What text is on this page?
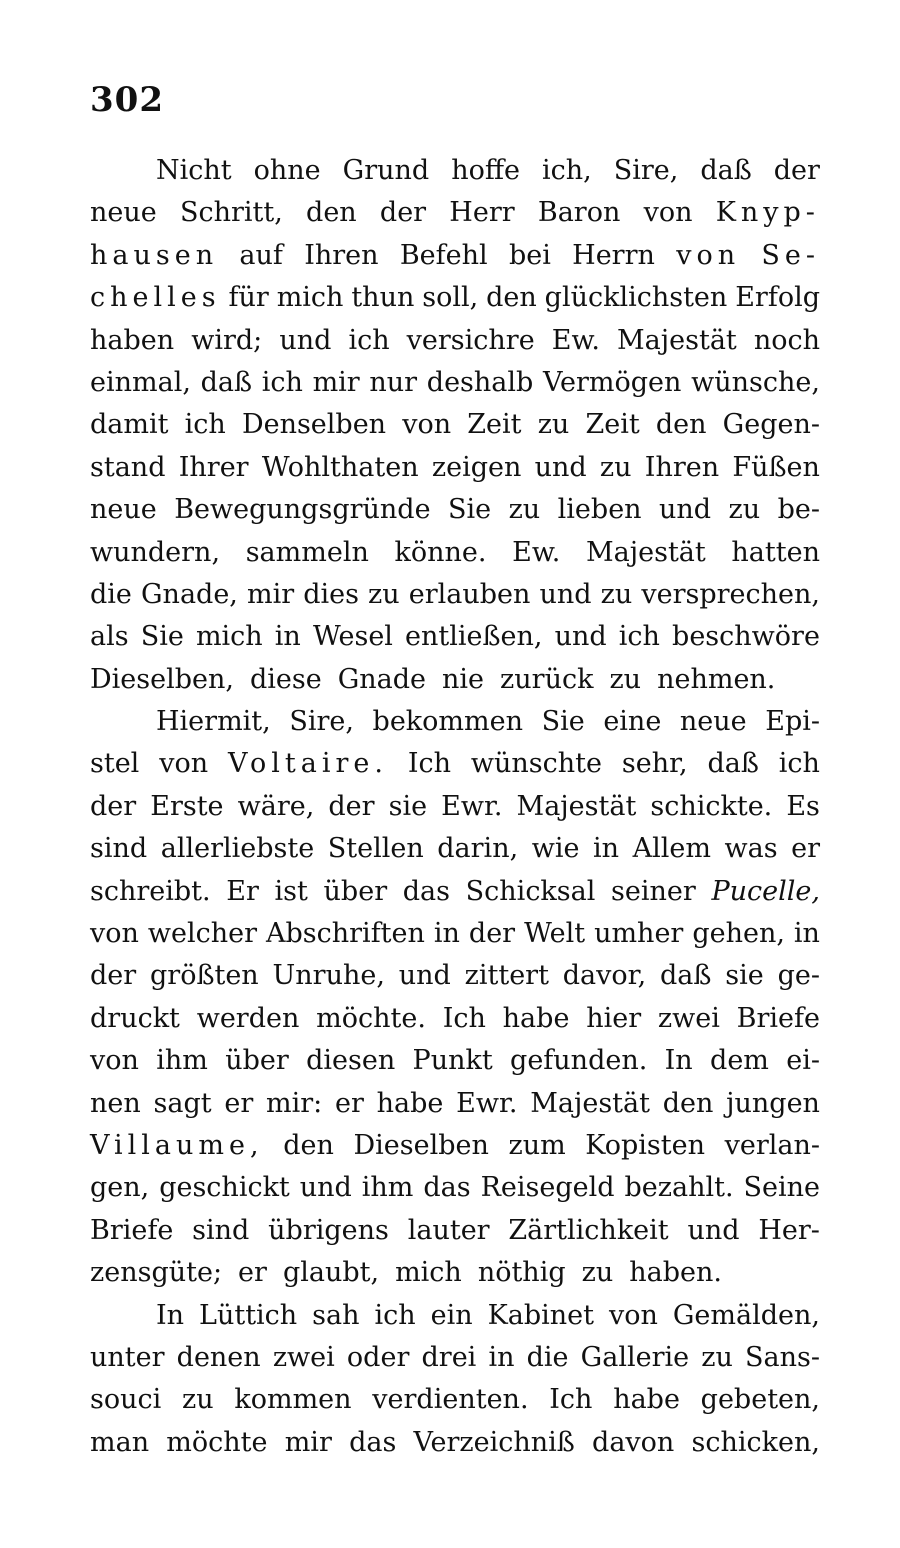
302
Nicht ohne Grund hoffe ich, Sire, daß der
neue Schritt, den der Herr Baron von Knyp-
hausen auf Ihren Befehl bei Herrn von Se-
chelles für mich thun soll, den glücklichsten Erfolg
haben wird; und ich versichre Ew. Majestät noch
einmal, daß ich mir nur deshalb Vermögen wünsche,
damit ich Denselben von Zeit zu Zeit den Gegen-
stand Ihrer Wohlthaten zeigen und zu Ihren Füßen
neue Bewegungsgründe Sie zu lieben und zu be-
wundern, sammeln könne. Ew. Majestät hatten
die Gnade, mir dies zu erlauben und zu versprechen,
als Sie mich in Wesel entließen, und ich beschwöre
Dieselben, diese Gnade nie zurück zu nehmen.
Hiermit, Sire, bekommen Sie eine neue Epi-
stel von Voltaire. Ich wünschte sehr, daß ich
der Erste wäre, der sie Ewr. Majestät schickte. Es
sind allerliebste Stellen darin, wie in Allem was er
schreibt. Er ist über das Schicksal seiner Pucelle,
von welcher Abschriften in der Welt umher gehen, in
der größten Unruhe, und zittert davor, daß sie ge-
druckt werden möchte. Ich habe hier zwei Briefe
von ihm über diesen Punkt gefunden. In dem ei-
nen sagt er mir: er habe Ewr. Majestät den jungen
Villaume, den Dieselben zum Kopisten verlan-
gen, geschickt und ihm das Reisegeld bezahlt. Seine
Briefe sind übrigens lauter Zärtlichkeit und Her-
zensgüte; er glaubt, mich nöthig zu haben.
In Lüttich sah ich ein Kabinet von Gemälden,
unter denen zwei oder drei in die Gallerie zu Sans-
souci zu kommen verdienten. Ich habe gebeten,
man möchte mir das Verzeichniß davon schicken,
